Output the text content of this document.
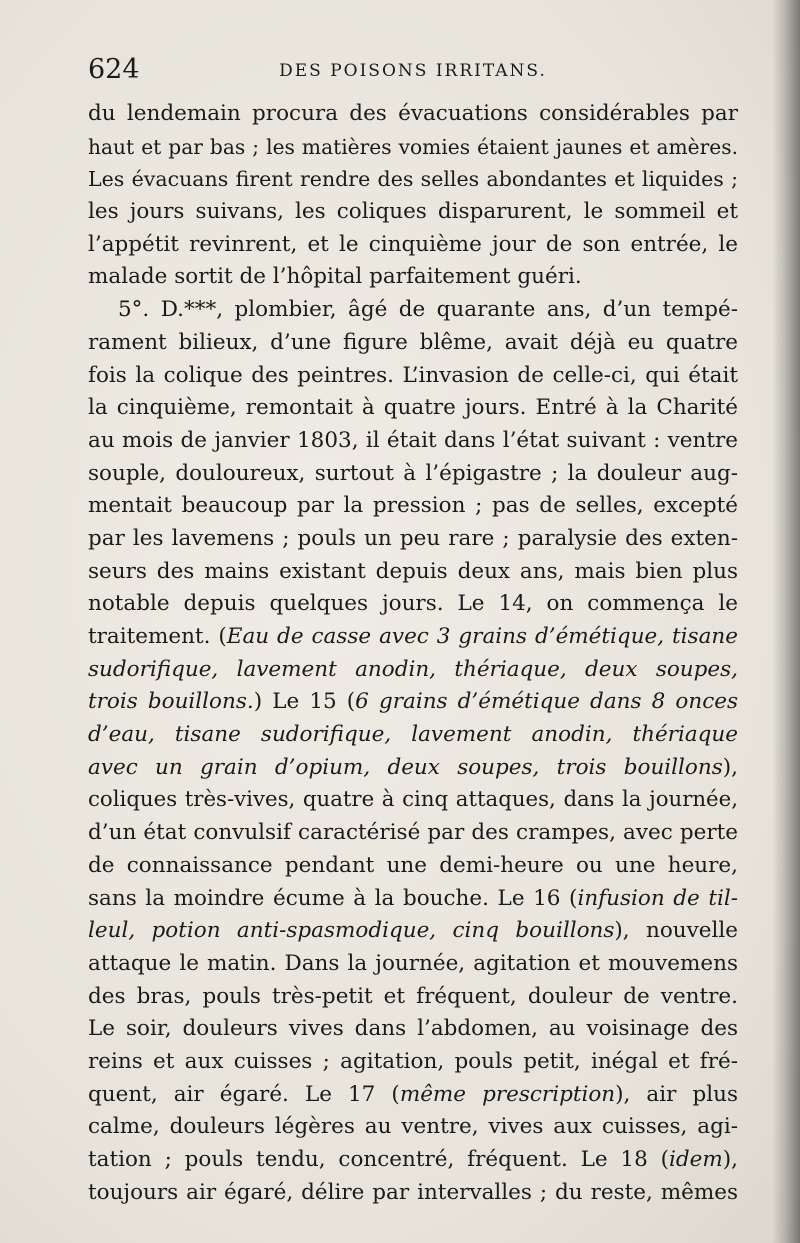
624	DES POISONS IRRITANS.
du lendemain procura des évacuations considérables par
haut et par bas ; les matières vomies étaient jaunes et amères.
Les évacuans firent rendre des selles abondantes et liquides ;
les jours suivans, les coliques disparurent, le sommeil et
l’appétit revinrent, et le cinquième jour de son entrée, le
malade sortit de l’hôpital parfaitement guéri.
5°. D.***, plombier, âgé de quarante ans, d’un tempé-
rament bilieux, d’une figure blême, avait déjà eu quatre
fois la colique des peintres. L’invasion de celle-ci, qui était
la cinquième, remontait à quatre jours. Entré à la Charité
au mois de janvier 1803, il était dans l’état suivant : ventre
souple, douloureux, surtout à l’épigastre ; la douleur aug-
mentait beaucoup par la pression ; pas de selles, excepté
par les lavemens ; pouls un peu rare ; paralysie des exten-
seurs des mains existant depuis deux ans, mais bien plus
notable depuis quelques jours. Le 14, on commença le
traitement. (Eau de casse avec 3 grains d’émétique, tisane
sudorifique, lavement anodin, thériaque, deux soupes,
trois bouillons.) Le 15 (6 grains d’émétique dans 8 onces
d’eau, tisane sudorifique, lavement anodin, thériaque
avec un grain d’opium, deux soupes, trois bouillons),
coliques très-vives, quatre à cinq attaques, dans la journée,
d’un état convulsif caractérisé par des crampes, avec perte
de connaissance pendant une demi-heure ou une heure,
sans la moindre écume à la bouche. Le 16 (infusion de til-
leul, potion anti-spasmodique, cinq bouillons), nouvelle
attaque le matin. Dans la journée, agitation et mouvemens
des bras, pouls très-petit et fréquent, douleur de ventre.
Le soir, douleurs vives dans l’abdomen, au voisinage des
reins et aux cuisses ; agitation, pouls petit, inégal et fré-
quent, air égaré. Le 17 (même prescription), air plus
calme, douleurs légères au ventre, vives aux cuisses, agi-
tation ; pouls tendu, concentré, fréquent. Le 18 (idem),
toujours air égaré, délire par intervalles ; du reste, mêmes
